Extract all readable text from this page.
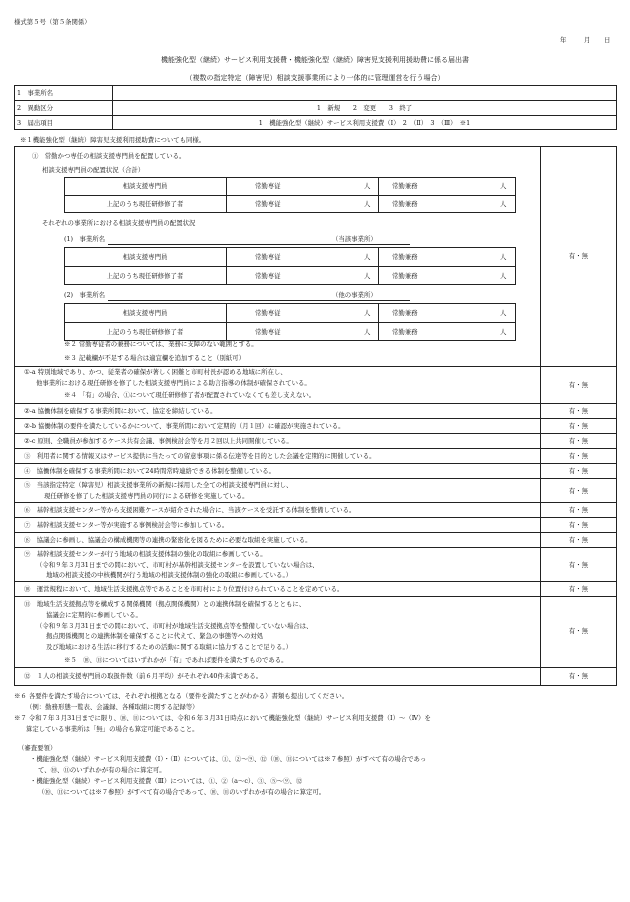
様式第５号（第５条関係）
年	月 日
機能強化型（継続）サービス利用支援費・機能強化型（継続）障害児支援利用援助費に係る届出書
（複数の指定特定（障害児）相談支援事業所により一体的に管理運営を行う場合）
1　事業所名
2　異動区分	1　新規　　2　変更　　3　終了
3　届出項目	1　機能強化型（継続）サービス利用支援費（Ⅰ）　2　（Ⅱ）　3　（Ⅲ）　※1
※１機能強化型（継続）障害児支援利用援助費についても同様。
①　常勤かつ専任の相談支援専門員を配置している。
相談支援専門員の配置状況（合計）
相談支援専門員	常勤専従	人	常勤兼務	人
上記のうち現任研修修了者	常勤専従	人	常勤兼務	人
それぞれの事業所における相談支援専門員の配置状況
(1)　事業所名	（当該事業所）
相談支援専門員	常勤専従	人	常勤兼務	人
上記のうち現任研修修了者	常勤専従	人	常勤兼務	人
(2)　事業所名	（他の事業所）
相談支援専門員	常勤専従	人	常勤兼務	人
上記のうち現任研修修了者	常勤専従	人	常勤兼務	人
※２ 常勤専従者の兼務については、業務に支障のない範囲とする。
※３ 記載欄が不足する場合は適宜欄を追加すること（別紙可）
有・無
①-a 特別地域であり、かつ、従業者の確保が著しく困難と市町村長が認める地域に所在し、
他事業所における現任研修を修了した相談支援専門員による助言指導の体制が確保されている。
※４ 「有」の場合、①について現任研修修了者が配置されていなくても差し支えない。
有・無
②-a 協働体制を確保する事業所間において、協定を締結している。	有・無
②-b 協働体制の要件を満たしているかについて、事業所間において定期的（月１回）に確認が実施されている。	有・無
②-c 原則、全職員が参加するケース共有会議、事例検討会等を月２回以上共同開催している。	有・無
③　利用者に関する情報又はサービス提供に当たっての留意事項に係る伝達等を目的とした会議を定期的に開催している。	有・無
④　協働体制を確保する事業所間において24時間常時連絡できる体制を整備している。	有・無
⑤　当該指定特定（障害児）相談支援事業所の新規に採用した全ての相談支援専門員に対し、
現任研修を修了した相談支援専門員の同行による研修を実施している。
有・無
⑥　基幹相談支援センター等から支援困難ケースが紹介された場合に、当該ケースを受託する体制を整備している。	有・無
⑦　基幹相談支援センター等が実施する事例検討会等に参加している。	有・無
⑧　協議会に参画し、協議会の構成機関等の連携の緊密化を図るために必要な取組を実施している。	有・無
⑨　基幹相談支援センターが行う地域の相談支援体制の強化の取組に参画している。
（令和９年３月31日までの間において、市町村が基幹相談支援センターを設置していない場合は、
地域の相談支援の中核機関が行う地域の相談支援体制の強化の取組に参画している。）
有・無
⑩　運営規程において、地域生活支援拠点等であることを市町村により位置付けられていることを定めている。	有・無
⑪　地域生活支援拠点等を構成する関係機関（拠点関係機関）との連携体制を確保するとともに、
協議会に定期的に参画している。
（令和９年３月31日までの間において、市町村が地域生活支援拠点等を整備していない場合は、
拠点関係機関との連携体制を確保することに代えて、緊急の事態等への対処
及び地域における生活に移行するための活動に関する取組に協力することで足りる。）
※５　⑩、⑪についてはいずれかが「有」であれば要件を満たすものである。
有・無
⑫　１人の相談支援専門員の取扱件数（前６月平均）がそれぞれ40件未満である。	有・無
※６ 各要件を満たす場合については、それぞれ根拠となる（要件を満たすことがわかる）書類も提出してください。
（例：勤務形態一覧表、会議録、各種取組に関する記録等）
※７ 令和７年３月31日までに限り、⑩、⑪については、令和６年３月31日時点において機能強化型（継続）サービス利用支援費（Ⅰ）～（Ⅳ）を
算定している事業所は「無」の場合も算定可能であること。
（審査要領）
・機能強化型（継続）サービス利用支援費（Ⅰ）・（Ⅱ）については、①、②～⑨、⑫（⑩、⑪については※７参照）がすべて有の場合であっ
て、⑩、⑪のいずれかが有の場合に算定可。
・機能強化型（継続）サービス利用支援費（Ⅲ）については、①、②（a～c）、③、⑤～⑨、⑫
（⑩、⑪については※７参照）がすべて有の場合であって、⑩、⑪のいずれかが有の場合に算定可。
